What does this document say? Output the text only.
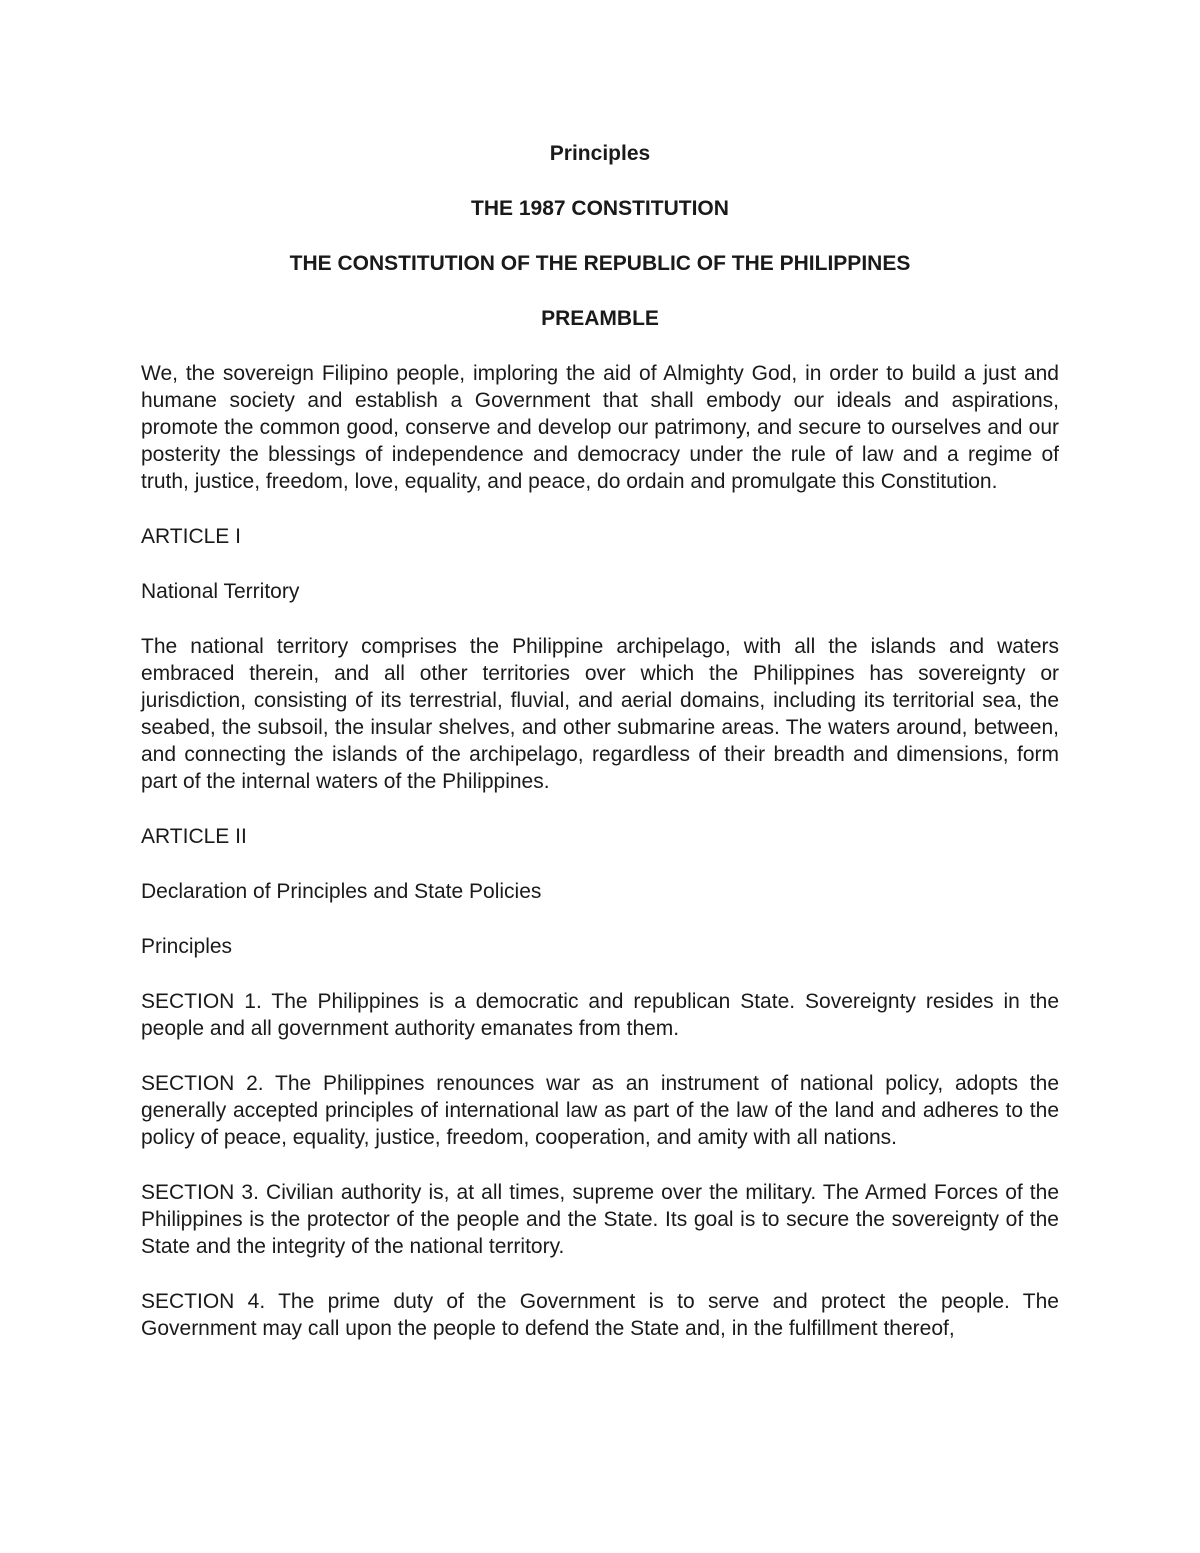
Principles
THE 1987 CONSTITUTION
THE CONSTITUTION OF THE REPUBLIC OF THE PHILIPPINES
PREAMBLE

We, the sovereign Filipino people, imploring the aid of Almighty God, in order to build a just and humane society and establish a Government that shall embody our ideals and aspirations, promote the common good, conserve and develop our patrimony, and secure to ourselves and our posterity the blessings of independence and democracy under the rule of law and a regime of truth, justice, freedom, love, equality, and peace, do ordain and promulgate this Constitution.

ARTICLE I

National Territory

The national territory comprises the Philippine archipelago, with all the islands and waters embraced therein, and all other territories over which the Philippines has sovereignty or jurisdiction, consisting of its terrestrial, fluvial, and aerial domains, including its territorial sea, the seabed, the subsoil, the insular shelves, and other submarine areas. The waters around, between, and connecting the islands of the archipelago, regardless of their breadth and dimensions, form part of the internal waters of the Philippines.

ARTICLE II

Declaration of Principles and State Policies

Principles

SECTION 1. The Philippines is a democratic and republican State. Sovereignty resides in the people and all government authority emanates from them.

SECTION 2. The Philippines renounces war as an instrument of national policy, adopts the generally accepted principles of international law as part of the law of the land and adheres to the policy of peace, equality, justice, freedom, cooperation, and amity with all nations.

SECTION 3. Civilian authority is, at all times, supreme over the military. The Armed Forces of the Philippines is the protector of the people and the State. Its goal is to secure the sovereignty of the State and the integrity of the national territory.

SECTION 4. The prime duty of the Government is to serve and protect the people. The Government may call upon the people to defend the State and, in the fulfillment thereof,
